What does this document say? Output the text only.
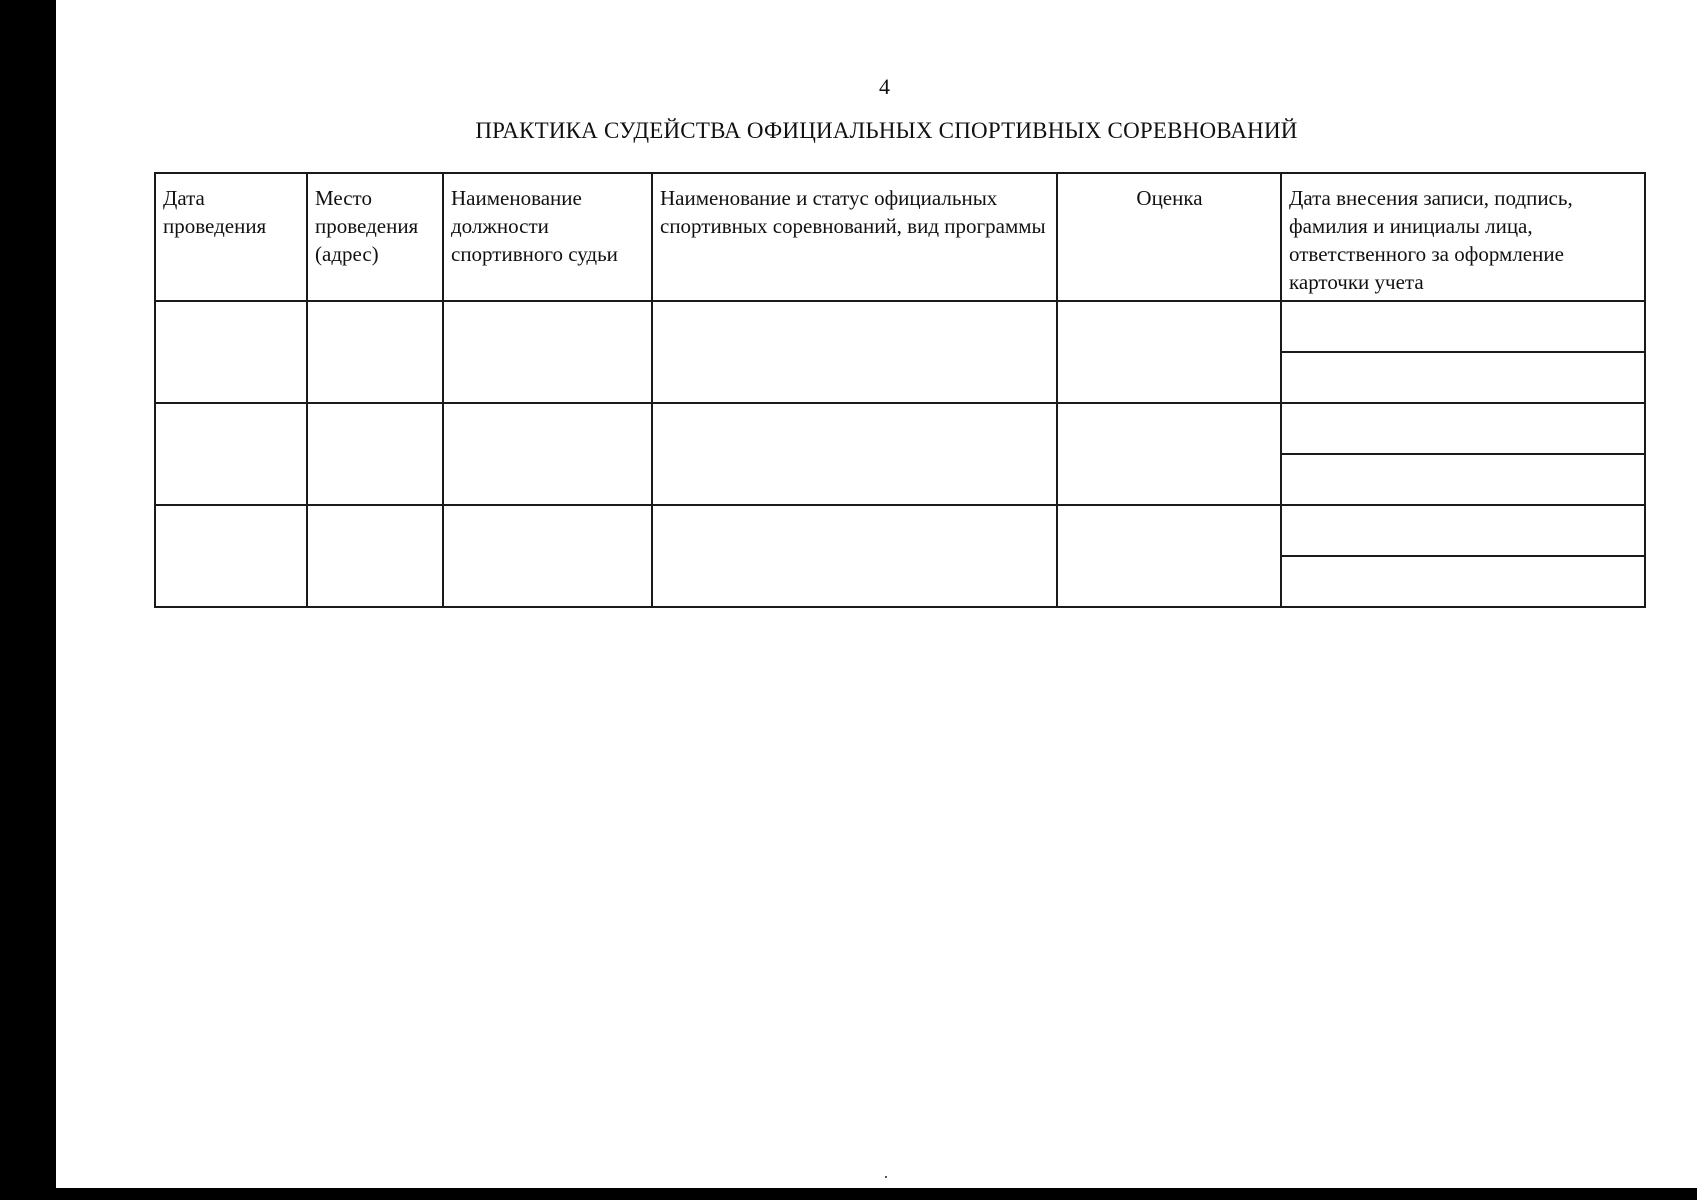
4
ПРАКТИКА СУДЕЙСТВА ОФИЦИАЛЬНЫХ СПОРТИВНЫХ СОРЕВНОВАНИЙ
Дата проведения	Место проведения (адрес)	Наименование должности спортивного судьи	Наименование и статус официальных спортивных соревнований, вид программы	Оценка	Дата внесения записи, подпись, фамилия и инициалы лица, ответственного за оформление карточки учета
